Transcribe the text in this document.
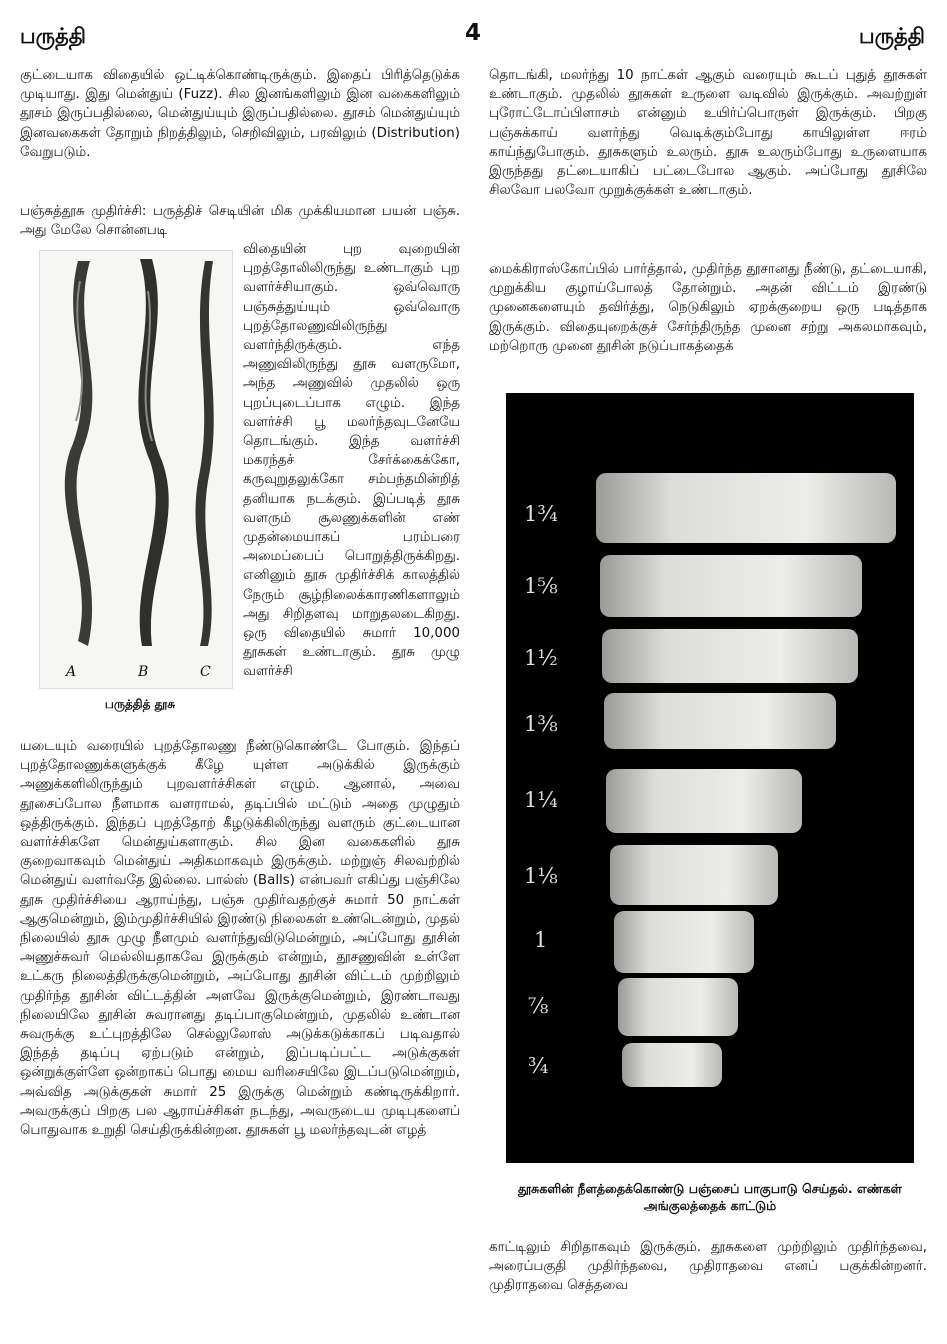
பருத்தி	4	பருத்தி

குட்டையாக விதையில் ஒட்டிக்கொண்டிருக்கும். இதைப் பிரித்தெடுக்க முடியாது. இது மென்துய் (Fuzz). சில இனங்களிலும் இன வகைகளிலும் தூசம் இருப்பதில்லை, மென்துய்யும் இருப்பதில்லை. தூசம் மென்துய்யும் இனவகைகள் தோறும் நிறத்திலும், செறிவிலும், பரவிலும் (Distribution) வேறுபடும்.

பஞ்சுத்தூசு முதிர்ச்சி: பருத்திச் செடியின் மிக முக்கியமான பயன் பஞ்சு. அது மேலே சொன்னபடி

விதையின் புற வுறையின் புறத்தோலிலிருந்து உண்டாகும் புற வளர்ச்சியாகும். ஒவ்வொரு பஞ்சுத்துய்யும் ஒவ்வொரு புறத்தோலணுவிலிருந்து வளர்ந்திருக்கும். எந்த அணுவிலிருந்து தூசு வளருமோ, அந்த அணுவில் முதலில் ஒரு புறப்புடைப்பாக எழும். இந்த வளர்ச்சி பூ மலர்ந்தவுடனேயே தொடங்கும். இந்த வளர்ச்சி மகரந்தச் சேர்க்கைக்கோ, கருவுறுதலுக்கோ சம்பந்தமின்றித் தனியாக நடக்கும். இப்படித் தூசு வளரும் சூலணுக்களின் எண் முதன்மையாகப் பரம்பரை அமைப்பைப் பொறுத்திருக்கிறது. எனினும் தூசு முதிர்ச்சிக் காலத்தில் நேரும் சூழ்நிலைக்காரணிகளாலும் அது சிறிதளவு மாறுதலடைகிறது. ஒரு விதையில் சுமார் 10,000 தூசுகள் உண்டாகும். தூசு முழு வளர்ச்சி

யடையும் வரையில் புறத்தோலணு நீண்டுகொண்டே போகும். இந்தப் புறத்தோலணுக்களுக்குக் கீழே யுள்ள அடுக்கில் இருக்கும் அணுக்களிலிருந்தும் புறவளர்ச்சிகள் எழும். ஆனால், அவை தூசைப்போல நீளமாக வளராமல், தடிப்பில் மட்டும் அதை முழுதும் ஒத்திருக்கும். இந்தப் புறத்தோற் கீழடுக்கிலிருந்து வளரும் குட்டையான வளர்ச்சிகளே மென்துய்களாகும். சில இன வகைகளில் தூசு குறைவாகவும் மென்துய் அதிகமாகவும் இருக்கும். மற்றுஞ் சிலவற்றில் மென்துய் வளர்வதே இல்லை. பால்ஸ் (Balls) என்பவர் எகிப்து பஞ்சிலே தூசு முதிர்ச்சியை ஆராய்ந்து, பஞ்சு முதிர்வதற்குச் சுமார் 50 நாட்கள் ஆகுமென்றும், இம்முதிர்ச்சியில் இரண்டு நிலைகள் உண்டென்றும், முதல் நிலையில் தூசு முழு நீளமும் வளர்ந்துவிடுமென்றும், அப்போது தூசின் அணுச்சுவர் மெல்லியதாகவே இருக்கும் என்றும், தூசணுவின் உள்ளே உட்கரு நிலைத்திருக்குமென்றும், அப்போது தூசின் விட்டம் முற்றிலும் முதிர்ந்த தூசின் விட்டத்தின் அளவே இருக்குமென்றும், இரண்டாவது நிலையிலே தூசின் சுவரானது தடிப்பாகுமென்றும், முதலில் உண்டான சுவருக்கு உட்புறத்திலே செல்லுலோஸ் அடுக்கடுக்காகப் படிவதால் இந்தத் தடிப்பு ஏற்படும் என்றும், இப்படிப்பட்ட அடுக்குகள் ஒன்றுக்குள்ளே ஒன்றாகப் பொது மைய வரிசையிலே இடப்படுமென்றும், அவ்வித அடுக்குகள் சுமார் 25 இருக்கு மென்றும் கண்டிருக்கிறார். அவருக்குப் பிறகு பல ஆராய்ச்சிகள் நடந்து, அவருடைய முடிபுகளைப் பொதுவாக உறுதி செய்திருக்கின்றன. தூசுகள் பூ மலர்ந்தவுடன் எழத்

A	B	C
பருத்தித் தூசு

தொடங்கி, மலர்ந்து 10 நாட்கள் ஆகும் வரையும் கூடப் புதுத் தூசுகள் உண்டாகும். முதலில் தூசுகள் உருளை வடிவில் இருக்கும். அவற்றுள் புரோட்டோப்பிளாசம் என்னும் உயிர்ப்பொருள் இருக்கும். பிறகு பஞ்சுக்காய் வளர்ந்து வெடிக்கும்போது காயிலுள்ள ஈரம் காய்ந்துபோகும். தூசுகளும் உலரும். தூசு உலரும்போது உருளையாக இருந்தது தட்டையாகிப் பட்டைபோல ஆகும். அப்போது தூசிலே சிலவோ பலவோ முறுக்குக்கள் உண்டாகும்.

மைக்கிராஸ்கோப்பில் பார்த்தால், முதிர்ந்த தூசானது நீண்டு, தட்டையாகி, முறுக்கிய குழாய்போலத் தோன்றும். அதன் விட்டம் இரண்டு முனைகளையும் தவிர்த்து, நெடுகிலும் ஏறக்குறைய ஒரு படித்தாக இருக்கும். விதையுறைக்குச் சேர்ந்திருந்த முனை சற்று அகலமாகவும், மற்றொரு முனை தூசின் நடுப்பாகத்தைக்

1¾
1⅝
1½
1⅜
1¼
1⅛
1
⅞
¾
தூசுகளின் நீளத்தைக்கொண்டு பஞ்சைப் பாகுபாடு செய்தல். எண்கள் அங்குலத்தைக் காட்டும்

காட்டிலும் சிறிதாகவும் இருக்கும். தூசுகளை முற்றிலும் முதிர்ந்தவை, அரைப்பகுதி முதிர்ந்தவை, முதிராதவை எனப் பகுக்கின்றனர். முதிராதவை செத்தவை
